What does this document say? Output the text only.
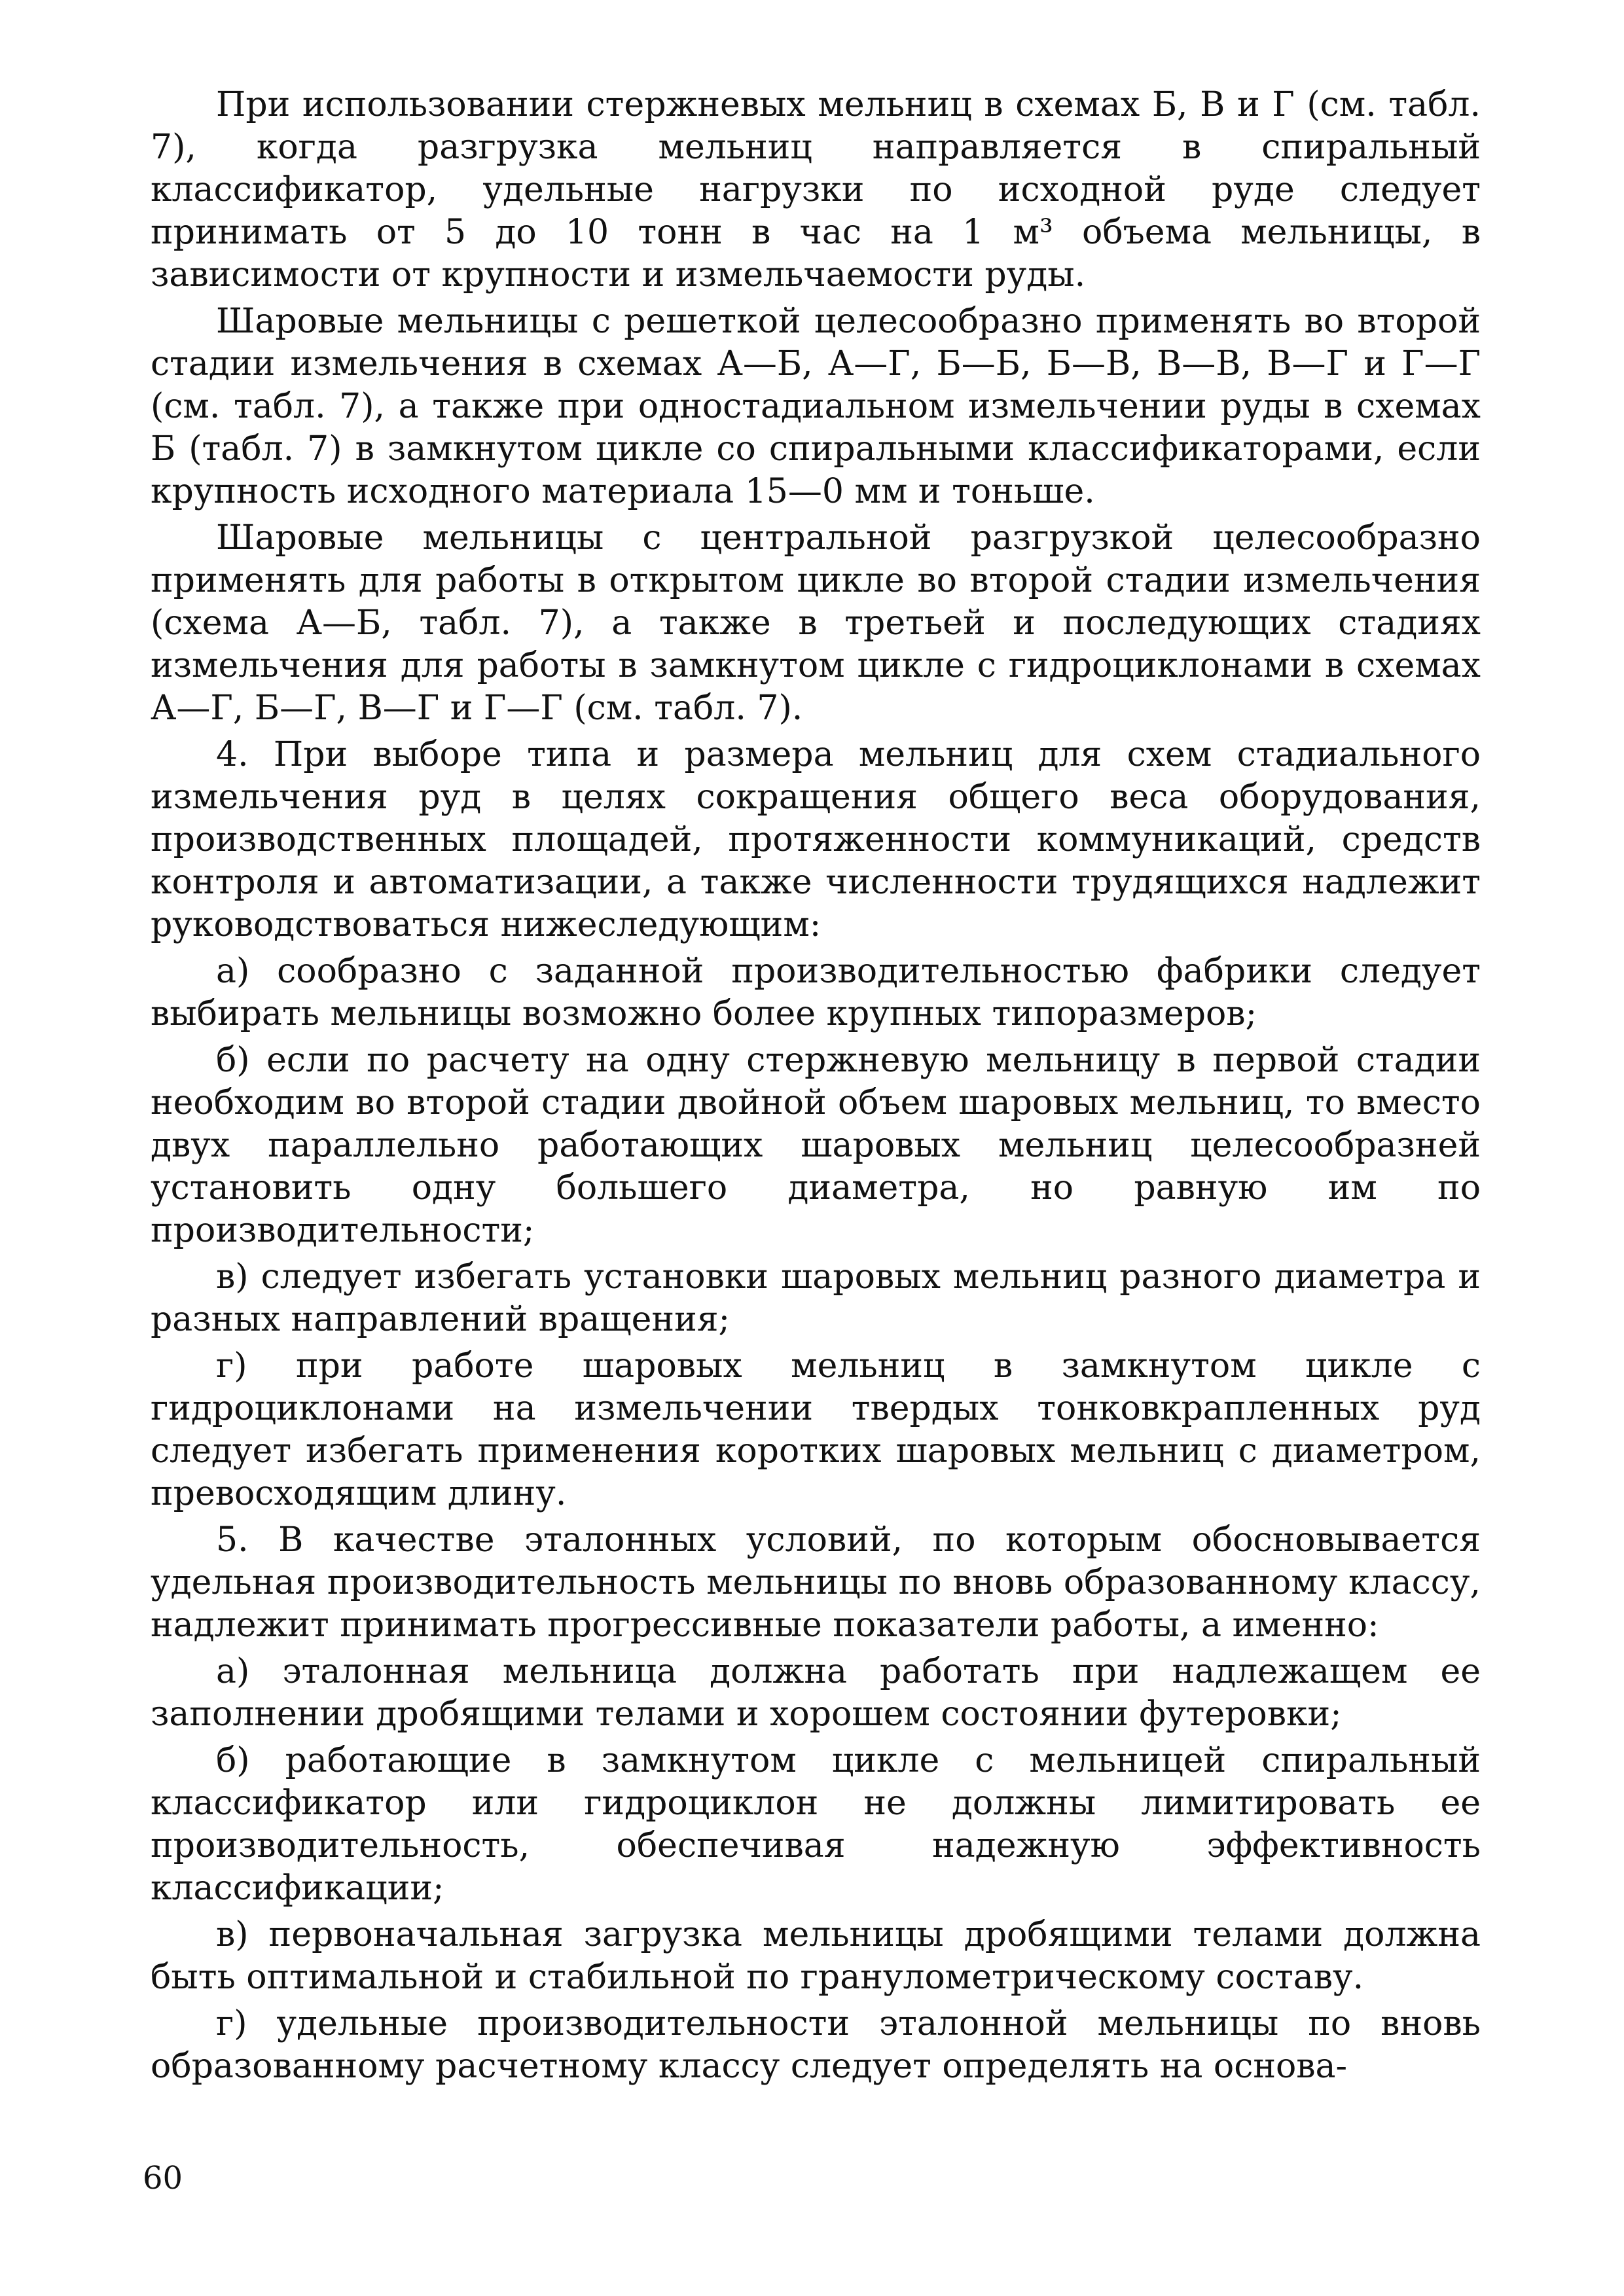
При использовании стержневых мельниц в схемах Б, В и Г (см. табл. 7), когда разгрузка мельниц направляется в спиральный классификатор, удельные нагрузки по исходной руде следует принимать от 5 до 10 тонн в час на 1 м³ объема мельницы, в зависимости от крупности и измельчаемости руды.

Шаровые мельницы с решеткой целесообразно применять во второй стадии измельчения в схемах А—Б, А—Г, Б—Б, Б—В, В—В, В—Г и Г—Г (см. табл. 7), а также при одностадиальном измельчении руды в схемах Б (табл. 7) в замкнутом цикле со спиральными классификаторами, если крупность исходного материала 15—0 мм и тоньше.

Шаровые мельницы с центральной разгрузкой целесообразно применять для работы в открытом цикле во второй стадии измельчения (схема А—Б, табл. 7), а также в третьей и последующих стадиях измельчения для работы в замкнутом цикле с гидроциклонами в схемах А—Г, Б—Г, В—Г и Г—Г (см. табл. 7).

4. При выборе типа и размера мельниц для схем стадиального измельчения руд в целях сокращения общего веса оборудования, производственных площадей, протяженности коммуникаций, средств контроля и автоматизации, а также численности трудящихся надлежит руководствоваться нижеследующим:

а) сообразно с заданной производительностью фабрики следует выбирать мельницы возможно более крупных типоразмеров;

б) если по расчету на одну стержневую мельницу в первой стадии необходим во второй стадии двойной объем шаровых мельниц, то вместо двух параллельно работающих шаровых мельниц целесообразней установить одну большего диаметра, но равную им по производительности;

в) следует избегать установки шаровых мельниц разного диаметра и разных направлений вращения;

г) при работе шаровых мельниц в замкнутом цикле с гидроциклонами на измельчении твердых тонковкрапленных руд следует избегать применения коротких шаровых мельниц с диаметром, превосходящим длину.

5. В качестве эталонных условий, по которым обосновывается удельная производительность мельницы по вновь образованному классу, надлежит принимать прогрессивные показатели работы, а именно:

а) эталонная мельница должна работать при надлежащем ее заполнении дробящими телами и хорошем состоянии футеровки;

б) работающие в замкнутом цикле с мельницей спиральный классификатор или гидроциклон не должны лимитировать ее производительность, обеспечивая надежную эффективность классификации;

в) первоначальная загрузка мельницы дробящими телами должна быть оптимальной и стабильной по гранулометрическому составу.

г) удельные производительности эталонной мельницы по вновь образованному расчетному классу следует определять на основа-

60
